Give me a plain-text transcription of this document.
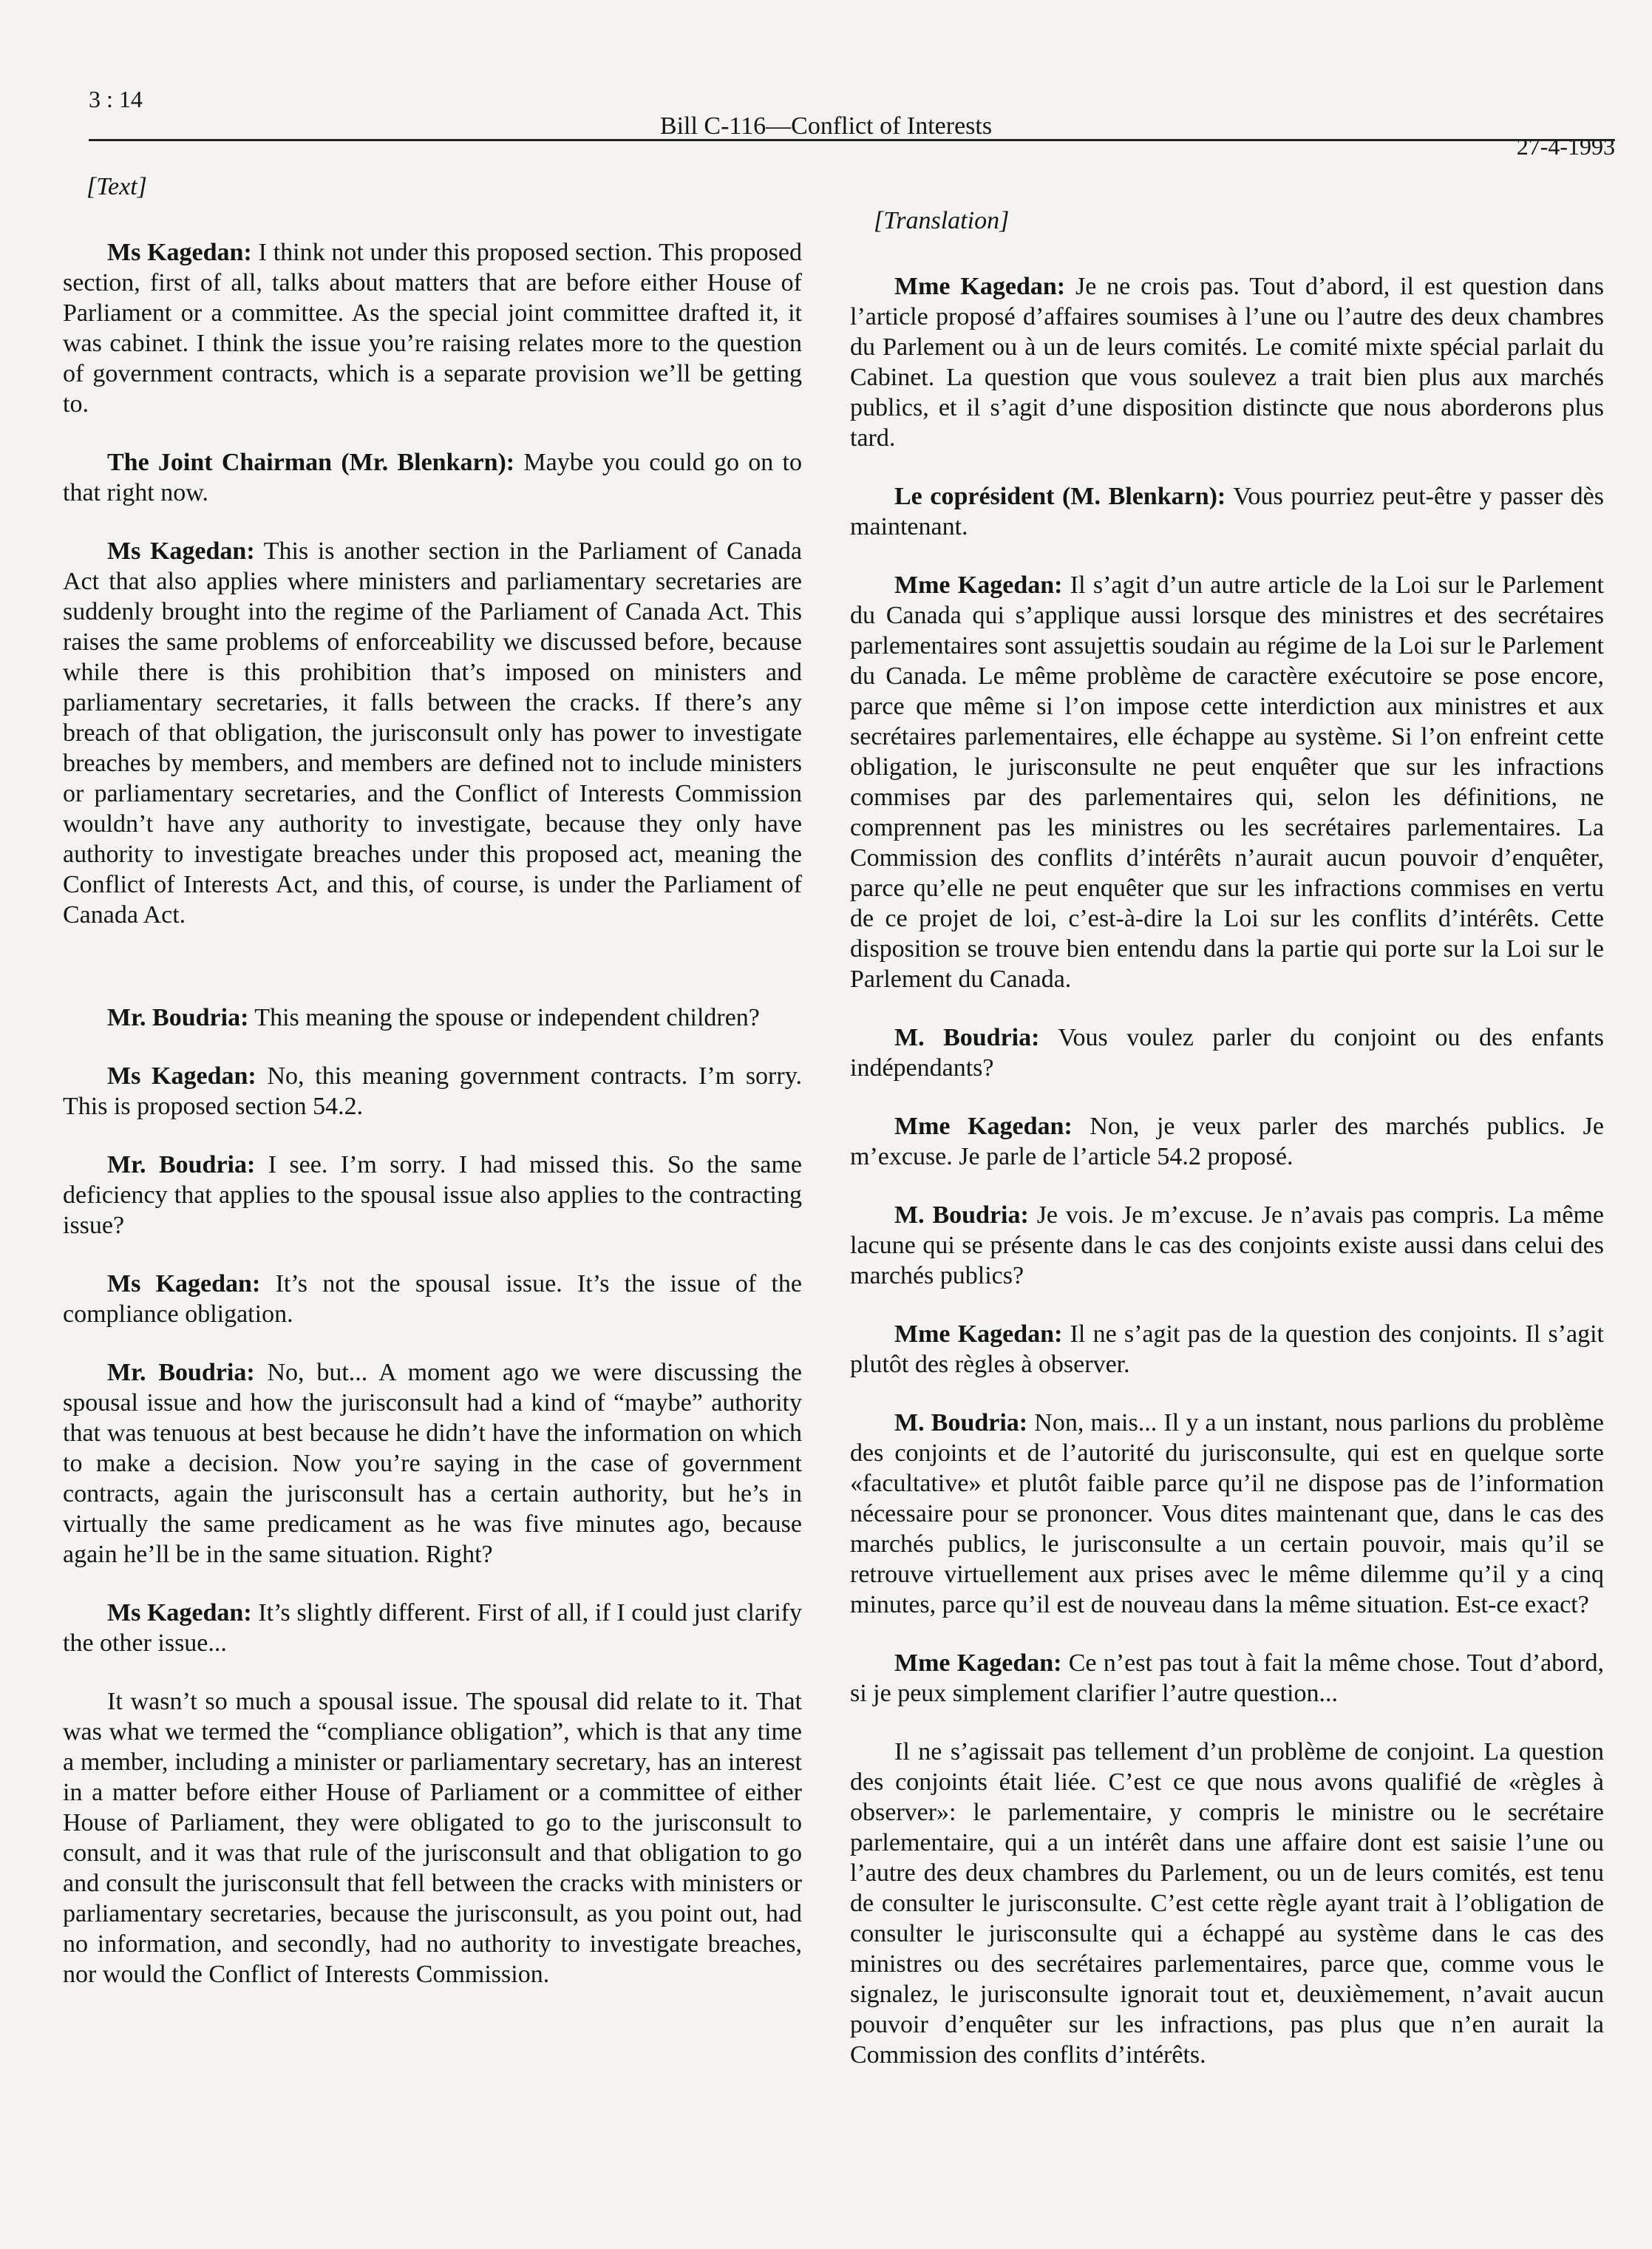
3 : 14
Bill C-116—Conflict of Interests
27-4-1993
[Text]

Ms Kagedan: I think not under this proposed section. This proposed section, first of all, talks about matters that are before either House of Parliament or a committee. As the special joint committee drafted it, it was cabinet. I think the issue you’re raising relates more to the question of government contracts, which is a separate provision we’ll be getting to.

The Joint Chairman (Mr. Blenkarn): Maybe you could go on to that right now.

Ms Kagedan: This is another section in the Parliament of Canada Act that also applies where ministers and parliamentary secretaries are suddenly brought into the regime of the Parliament of Canada Act. This raises the same problems of enforceability we discussed before, because while there is this prohibition that’s imposed on ministers and parliamentary secretaries, it falls between the cracks. If there’s any breach of that obligation, the jurisconsult only has power to investigate breaches by members, and members are defined not to include ministers or parliamentary secretaries, and the Conflict of Interests Commission wouldn’t have any authority to investigate, because they only have authority to investigate breaches under this proposed act, meaning the Conflict of Interests Act, and this, of course, is under the Parliament of Canada Act.

Mr. Boudria: This meaning the spouse or independent children?

Ms Kagedan: No, this meaning government contracts. I’m sorry. This is proposed section 54.2.

Mr. Boudria: I see. I’m sorry. I had missed this. So the same deficiency that applies to the spousal issue also applies to the contracting issue?

Ms Kagedan: It’s not the spousal issue. It’s the issue of the compliance obligation.

Mr. Boudria: No, but... A moment ago we were discussing the spousal issue and how the jurisconsult had a kind of “maybe” authority that was tenuous at best because he didn’t have the information on which to make a decision. Now you’re saying in the case of government contracts, again the jurisconsult has a certain authority, but he’s in virtually the same predicament as he was five minutes ago, because again he’ll be in the same situation. Right?

Ms Kagedan: It’s slightly different. First of all, if I could just clarify the other issue...

It wasn’t so much a spousal issue. The spousal did relate to it. That was what we termed the “compliance obligation”, which is that any time a member, including a minister or parliamentary secretary, has an interest in a matter before either House of Parliament or a committee of either House of Parliament, they were obligated to go to the jurisconsult to consult, and it was that rule of the jurisconsult and that obligation to go and consult the jurisconsult that fell between the cracks with ministers or parliamentary secretaries, because the jurisconsult, as you point out, had no information, and secondly, had no authority to investigate breaches, nor would the Conflict of Interests Commission.

[Translation]

Mme Kagedan: Je ne crois pas. Tout d’abord, il est question dans l’article proposé d’affaires soumises à l’une ou l’autre des deux chambres du Parlement ou à un de leurs comités. Le comité mixte spécial parlait du Cabinet. La question que vous soulevez a trait bien plus aux marchés publics, et il s’agit d’une disposition distincte que nous aborderons plus tard.

Le coprésident (M. Blenkarn): Vous pourriez peut-être y passer dès maintenant.

Mme Kagedan: Il s’agit d’un autre article de la Loi sur le Parlement du Canada qui s’applique aussi lorsque des ministres et des secrétaires parlementaires sont assujettis soudain au régime de la Loi sur le Parlement du Canada. Le même problème de caractère exécutoire se pose encore, parce que même si l’on impose cette interdiction aux ministres et aux secrétaires parlementaires, elle échappe au système. Si l’on enfreint cette obligation, le jurisconsulte ne peut enquêter que sur les infractions commises par des parlementaires qui, selon les définitions, ne comprennent pas les ministres ou les secrétaires parlementaires. La Commission des conflits d’intérêts n’aurait aucun pouvoir d’enquêter, parce qu’elle ne peut enquêter que sur les infractions commises en vertu de ce projet de loi, c’est-à-dire la Loi sur les conflits d’intérêts. Cette disposition se trouve bien entendu dans la partie qui porte sur la Loi sur le Parlement du Canada.

M. Boudria: Vous voulez parler du conjoint ou des enfants indépendants?

Mme Kagedan: Non, je veux parler des marchés publics. Je m’excuse. Je parle de l’article 54.2 proposé.

M. Boudria: Je vois. Je m’excuse. Je n’avais pas compris. La même lacune qui se présente dans le cas des conjoints existe aussi dans celui des marchés publics?

Mme Kagedan: Il ne s’agit pas de la question des conjoints. Il s’agit plutôt des règles à observer.

M. Boudria: Non, mais... Il y a un instant, nous parlions du problème des conjoints et de l’autorité du jurisconsulte, qui est en quelque sorte «facultative» et plutôt faible parce qu’il ne dispose pas de l’information nécessaire pour se prononcer. Vous dites maintenant que, dans le cas des marchés publics, le jurisconsulte a un certain pouvoir, mais qu’il se retrouve virtuellement aux prises avec le même dilemme qu’il y a cinq minutes, parce qu’il est de nouveau dans la même situation. Est-ce exact?

Mme Kagedan: Ce n’est pas tout à fait la même chose. Tout d’abord, si je peux simplement clarifier l’autre question...

Il ne s’agissait pas tellement d’un problème de conjoint. La question des conjoints était liée. C’est ce que nous avons qualifié de «règles à observer»: le parlementaire, y compris le ministre ou le secrétaire parlementaire, qui a un intérêt dans une affaire dont est saisie l’une ou l’autre des deux chambres du Parlement, ou un de leurs comités, est tenu de consulter le jurisconsulte. C’est cette règle ayant trait à l’obligation de consulter le jurisconsulte qui a échappé au système dans le cas des ministres ou des secrétaires parlementaires, parce que, comme vous le signalez, le jurisconsulte ignorait tout et, deuxièmement, n’avait aucun pouvoir d’enquêter sur les infractions, pas plus que n’en aurait la Commission des conflits d’intérêts.
